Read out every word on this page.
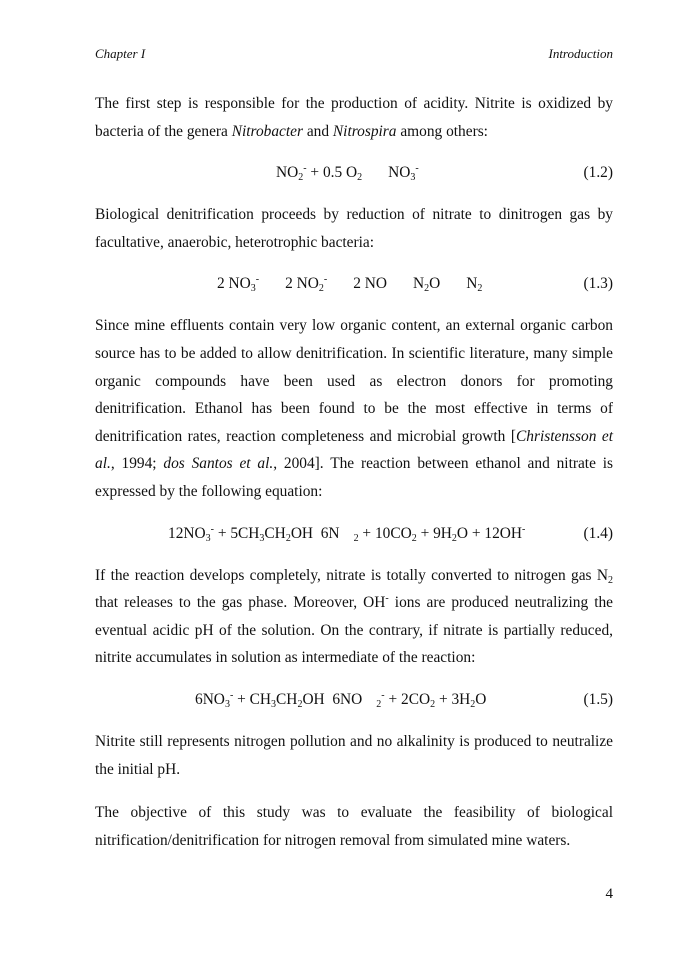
Chapter I	Introduction

The first step is responsible for the production of acidity. Nitrite is oxidized by bacteria of the genera Nitrobacter and Nitrospira among others:

$NO_2^- + 0.5$ $O_2$ $NO_3^-$	(1.2)

Biological denitrification proceeds by reduction of nitrate to dinitrogen gas by facultative, anaerobic, heterotrophic bacteria:

2 $NO_3^-$ 2 $NO_2^-$ 2 NO $N_2O$ $N_2$	(1.3)

Since mine effluents contain very low organic content, an external organic carbon source has to be added to allow denitrification. In scientific literature, many simple organic compounds have been used as electron donors for promoting denitrification. Ethanol has been found to be the most effective in terms of denitrification rates, reaction completeness and microbial growth [Christensson et al., 1994; dos Santos et al., 2004]. The reaction between ethanol and nitrate is expressed by the following equation:

$12NO_3^- + 5CH_3CH_2OH$  6N $_2 + 10CO_2 + 9H_2O + 12OH^-$	(1.4)

If the reaction develops completely, nitrate is totally converted to nitrogen gas $N_2$ that releases to the gas phase. Moreover, OH- ions are produced neutralizing the eventual acidic pH of the solution. On the contrary, if nitrate is partially reduced, nitrite accumulates in solution as intermediate of the reaction:

$6NO_3^- + CH_3CH_2OH$  6NO $_2^- + 2CO_2 + 3H_2O$	(1.5)

Nitrite still represents nitrogen pollution and no alkalinity is produced to neutralize the initial pH.

The objective of this study was to evaluate the feasibility of biological nitrification/denitrification for nitrogen removal from simulated mine waters.

4
